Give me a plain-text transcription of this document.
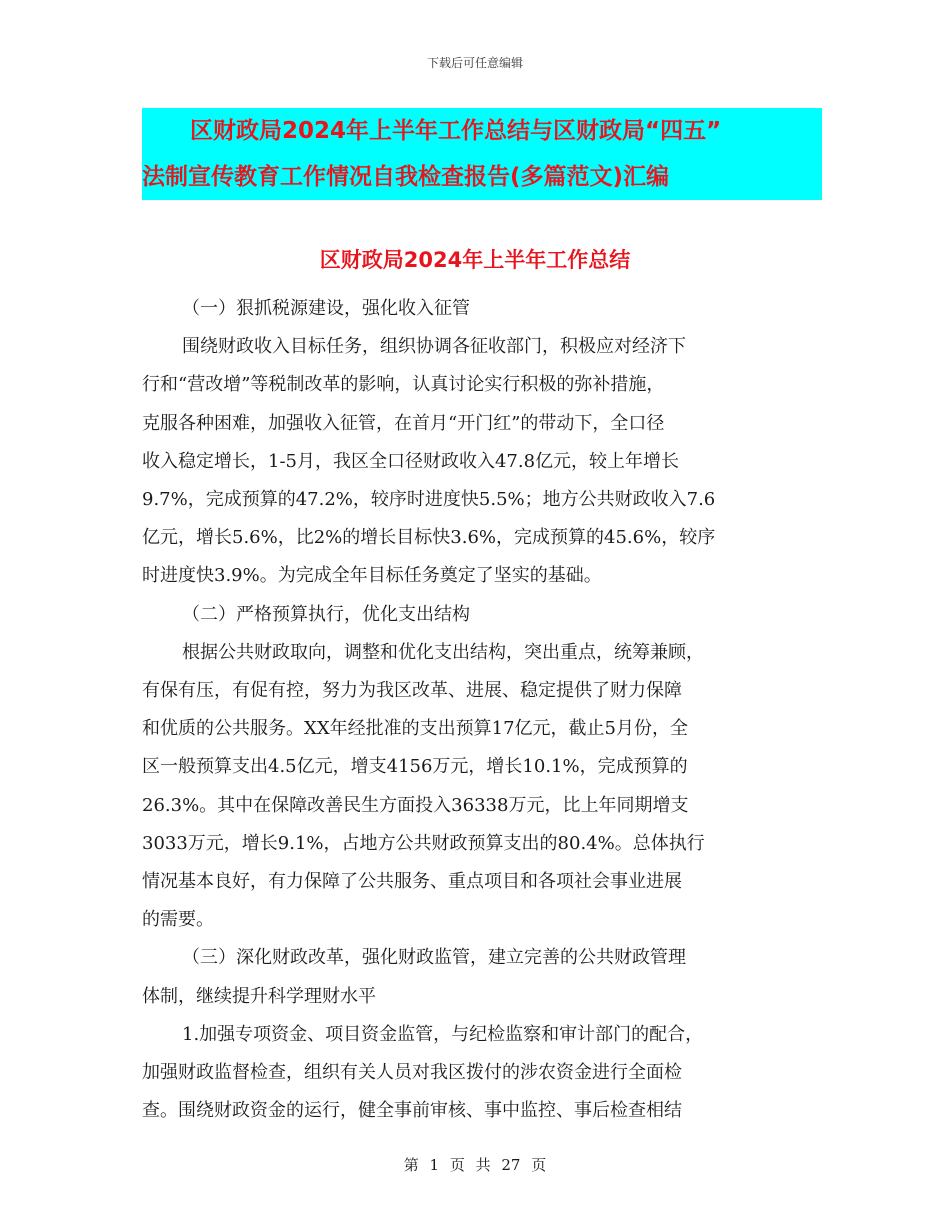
下载后可任意编辑
区财政局2024年上半年工作总结与区财政局“四五”
法制宣传教育工作情况自我检查报告(多篇范文)汇编
区财政局2024年上半年工作总结
（一）狠抓税源建设，强化收入征管
围绕财政收入目标任务，组织协调各征收部门，积极应对经济下
行和“营改增”等税制改革的影响，认真讨论实行积极的弥补措施，
克服各种困难，加强收入征管，在首月“开门红”的带动下，全口径
收入稳定增长，1-5月，我区全口径财政收入47.8亿元，较上年增长
9.7%，完成预算的47.2%，较序时进度快5.5%；地方公共财政收入7.6
亿元，增长5.6%，比2%的增长目标快3.6%，完成预算的45.6%，较序
时进度快3.9%。为完成全年目标任务奠定了坚实的基础。
（二）严格预算执行，优化支出结构
根据公共财政取向，调整和优化支出结构，突出重点，统筹兼顾，
有保有压，有促有控，努力为我区改革、进展、稳定提供了财力保障
和优质的公共服务。XX年经批准的支出预算17亿元，截止5月份，全
区一般预算支出4.5亿元，增支4156万元，增长10.1%，完成预算的
26.3%。其中在保障改善民生方面投入36338万元，比上年同期增支
3033万元，增长9.1%，占地方公共财政预算支出的80.4%。总体执行
情况基本良好，有力保障了公共服务、重点项目和各项社会事业进展
的需要。
（三）深化财政改革，强化财政监管，建立完善的公共财政管理
体制，继续提升科学理财水平
1.加强专项资金、项目资金监管，与纪检监察和审计部门的配合，
加强财政监督检查，组织有关人员对我区拨付的涉农资金进行全面检
查。围绕财政资金的运行，健全事前审核、事中监控、事后检查相结
第 1 页 共 27 页
